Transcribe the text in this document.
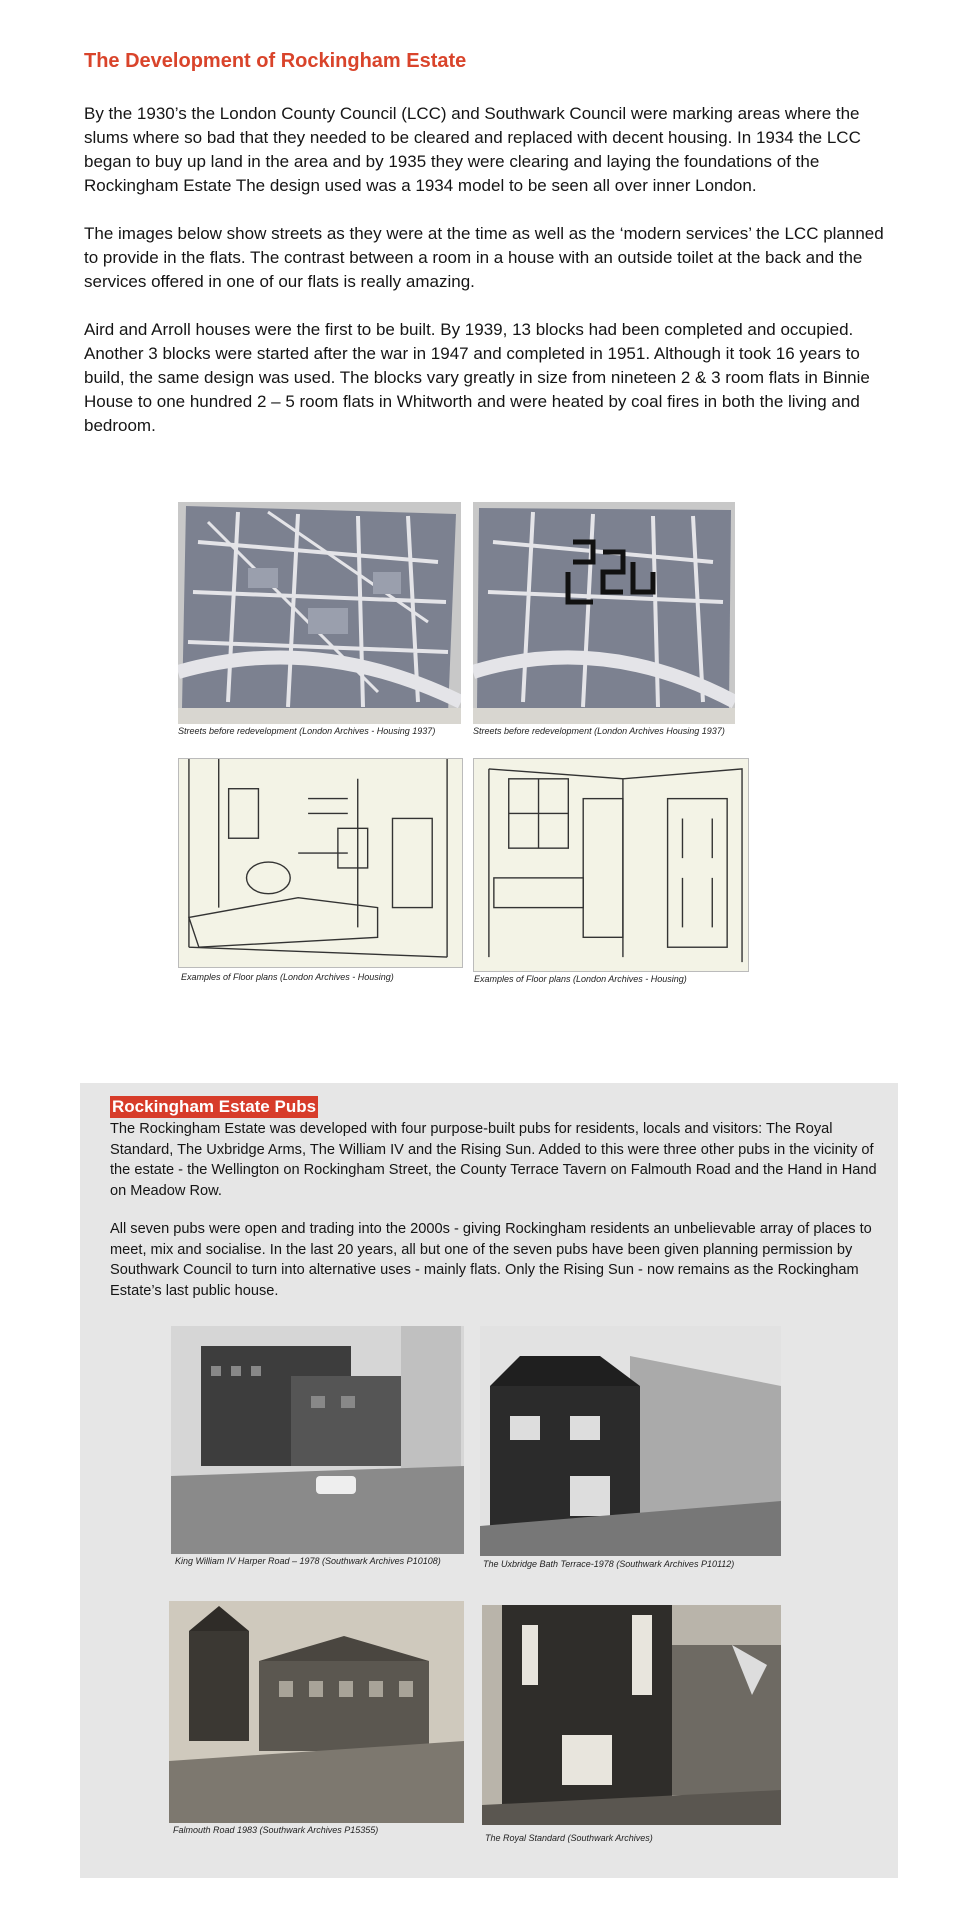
The Development of Rockingham Estate

By the 1930’s the London County Council (LCC) and Southwark Council were marking areas where the slums where so bad that they needed to be cleared and replaced with decent housing. In 1934 the LCC began to buy up land in the area and by 1935 they were clearing and laying the foundations of the Rockingham Estate The design used was a 1934 model to be seen all over inner London.

The images below show streets as they were at the time as well as the ‘modern services’ the LCC planned to provide in the flats. The contrast between a room in a house with an outside toilet at the back and the services offered in one of our flats is really amazing.

Aird and Arroll houses were the first to be built. By 1939, 13 blocks had been completed and occupied. Another 3 blocks were started after the war in 1947 and completed in 1951. Although it took 16 years to build, the same design was used. The blocks vary greatly in size from nineteen 2 & 3 room flats in Binnie House to one hundred 2 – 5 room flats in Whitworth and were heated by coal fires in both the living and bedroom.

Streets before redevelopment (London Archives - Housing 1937)	Streets before redevelopment (London Archives Housing 1937)

Examples of Floor plans (London Archives - Housing)	Examples of Floor plans (London Archives - Housing)

Rockingham Estate Pubs

The Rockingham Estate was developed with four purpose-built pubs for residents, locals and visitors: The Royal Standard, The Uxbridge Arms, The William IV and the Rising Sun. Added to this were three other pubs in the vicinity of the estate - the Wellington on Rockingham Street, the County Terrace Tavern on Falmouth Road and the Hand in Hand on Meadow Row.

All seven pubs were open and trading into the 2000s - giving Rockingham residents an unbelievable array of places to meet, mix and socialise. In the last 20 years, all but one of the seven pubs have been given planning permission by Southwark Council to turn into alternative uses - mainly flats. Only the Rising Sun - now remains as the Rockingham Estate’s last public house.

King William IV Harper Road – 1978 (Southwark Archives P10108)	The Uxbridge Bath Terrace-1978 (Southwark Archives P10112)

Falmouth Road 1983 (Southwark Archives P15355)

The Royal Standard (Southwark Archives)
